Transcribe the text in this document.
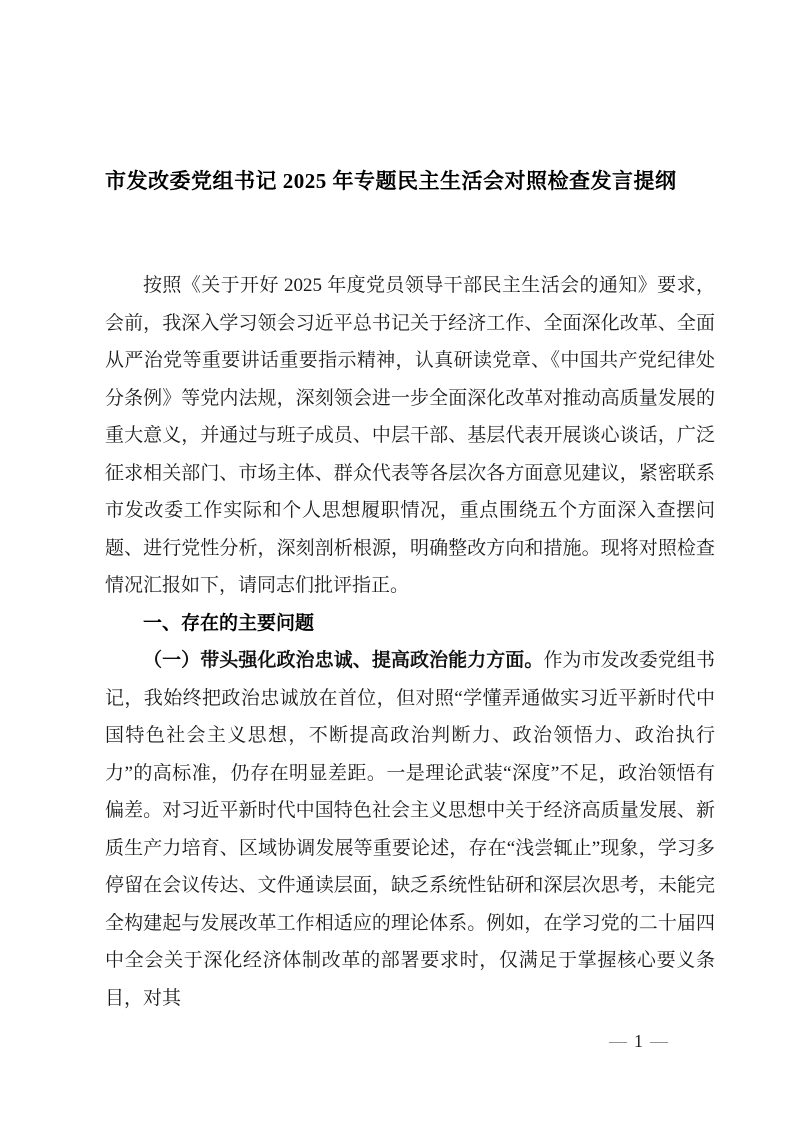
市发改委党组书记 2025 年专题民主生活会对照检查发言提纲

按照《关于开好 2025 年度党员领导干部民主生活会的通知》要求，会前，我深入学习领会习近平总书记关于经济工作、全面深化改革、全面从严治党等重要讲话重要指示精神，认真研读党章、《中国共产党纪律处分条例》等党内法规，深刻领会进一步全面深化改革对推动高质量发展的重大意义，并通过与班子成员、中层干部、基层代表开展谈心谈话，广泛征求相关部门、市场主体、群众代表等各层次各方面意见建议，紧密联系市发改委工作实际和个人思想履职情况，重点围绕五个方面深入查摆问题、进行党性分析，深刻剖析根源，明确整改方向和措施。现将对照检查情况汇报如下，请同志们批评指正。

一、存在的主要问题

（一）带头强化政治忠诚、提高政治能力方面。作为市发改委党组书记，我始终把政治忠诚放在首位，但对照“学懂弄通做实习近平新时代中国特色社会主义思想，不断提高政治判断力、政治领悟力、政治执行力”的高标准，仍存在明显差距。一是理论武装“深度”不足，政治领悟有偏差。对习近平新时代中国特色社会主义思想中关于经济高质量发展、新质生产力培育、区域协调发展等重要论述，存在“浅尝辄止”现象，学习多停留在会议传达、文件通读层面，缺乏系统性钻研和深层次思考，未能完全构建起与发展改革工作相适应的理论体系。例如，在学习党的二十届四中全会关于深化经济体制改革的部署要求时，仅满足于掌握核心要义条目，对其

— 1 —
